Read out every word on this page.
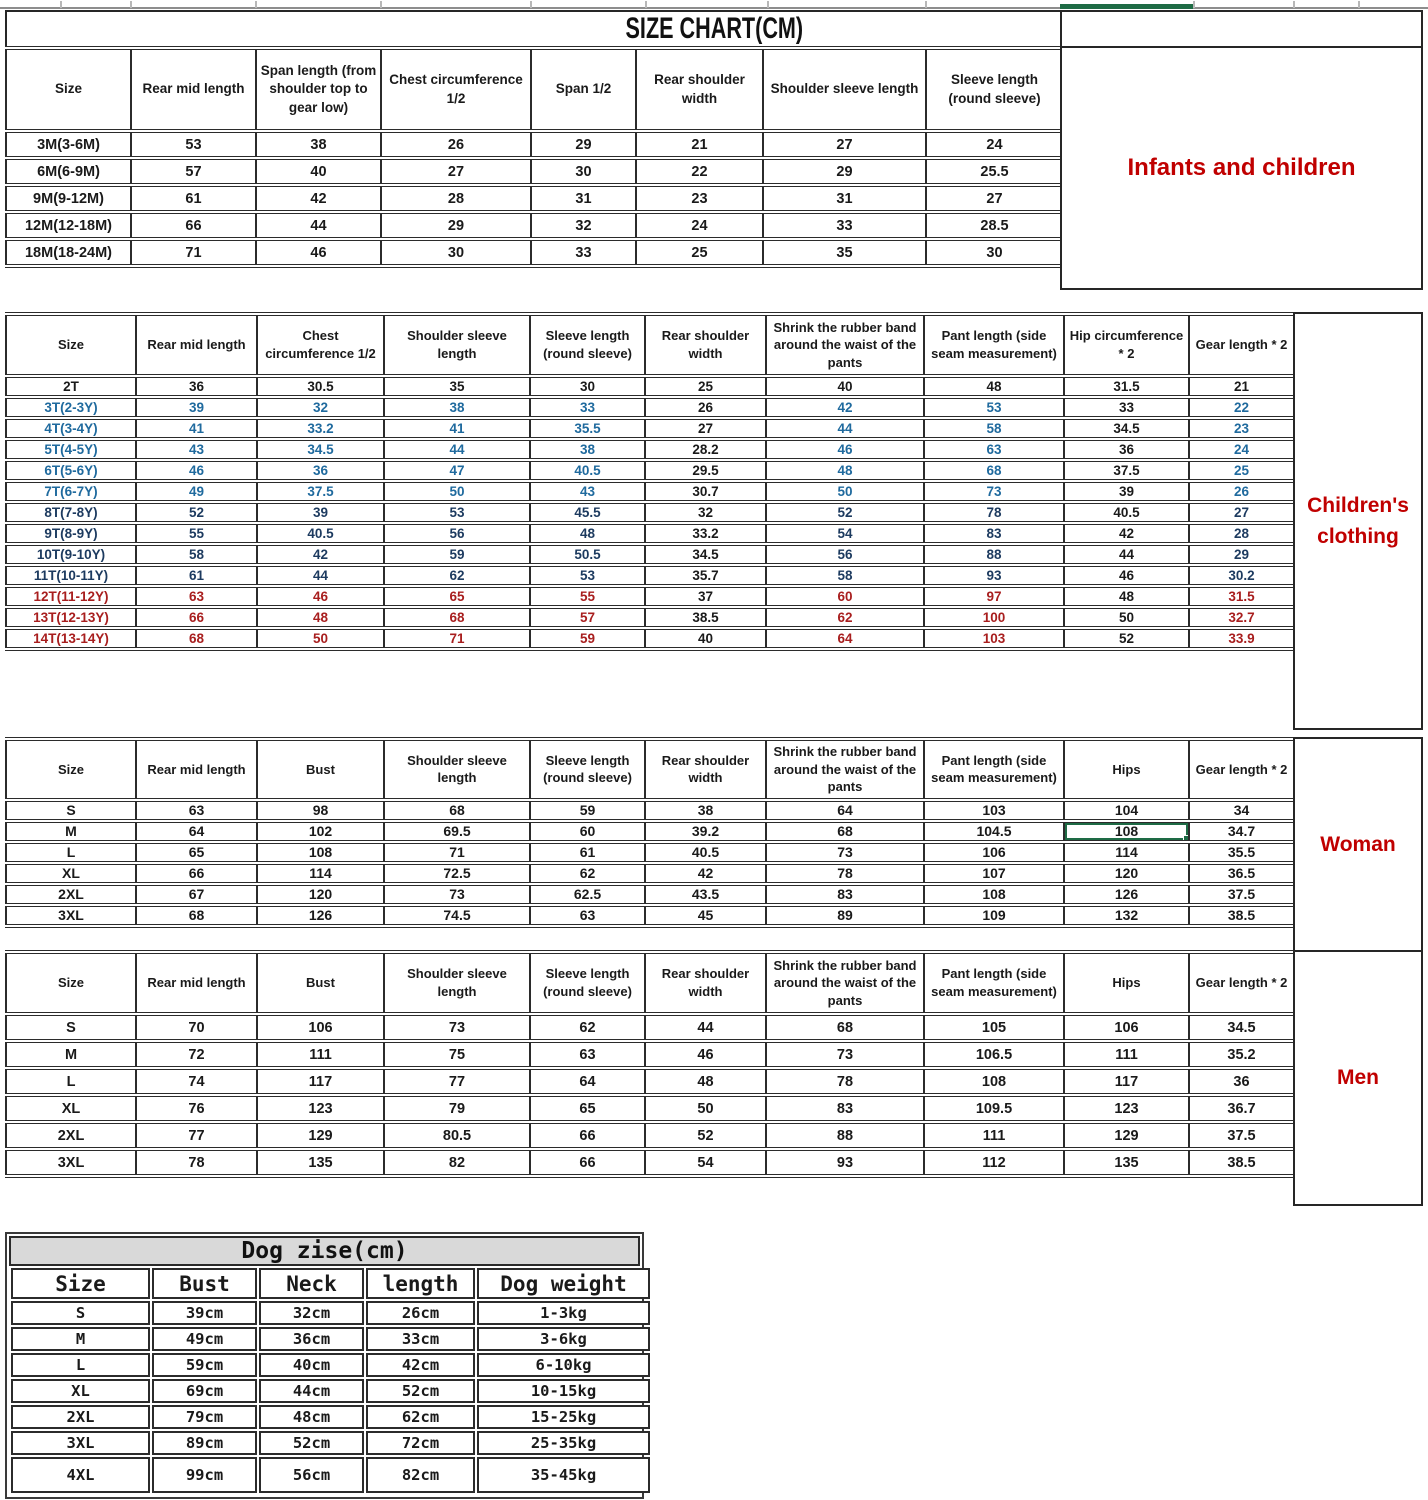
SIZE CHART(CM)
Size	Rear mid length	Span length (from shoulder top to gear low)	Chest circumference 1/2	Span 1/2	Rear shoulder width	Shoulder sleeve length	Sleeve length (round sleeve)
3M(3-6M)	53	38	26	29	21	27	24
6M(6-9M)	57	40	27	30	22	29	25.5
9M(9-12M)	61	42	28	31	23	31	27
12M(12-18M)	66	44	29	32	24	33	28.5
18M(18-24M)	71	46	30	33	25	35	30
Size	Rear mid length	Chest circumference 1/2	Shoulder sleeve length	Sleeve length (round sleeve)	Rear shoulder width	Shrink the rubber band around the waist of the pants	Pant length (side seam measurement)	Hip circumference * 2	Gear length * 2
2T	36	30.5	35	30	25	40	48	31.5	21
3T(2-3Y)	39	32	38	33	26	42	53	33	22
4T(3-4Y)	41	33.2	41	35.5	27	44	58	34.5	23
5T(4-5Y)	43	34.5	44	38	28.2	46	63	36	24
6T(5-6Y)	46	36	47	40.5	29.5	48	68	37.5	25
7T(6-7Y)	49	37.5	50	43	30.7	50	73	39	26
8T(7-8Y)	52	39	53	45.5	32	52	78	40.5	27
9T(8-9Y)	55	40.5	56	48	33.2	54	83	42	28
10T(9-10Y)	58	42	59	50.5	34.5	56	88	44	29
11T(10-11Y)	61	44	62	53	35.7	58	93	46	30.2
12T(11-12Y)	63	46	65	55	37	60	97	48	31.5
13T(12-13Y)	66	48	68	57	38.5	62	100	50	32.7
14T(13-14Y)	68	50	71	59	40	64	103	52	33.9
Size	Rear mid length	Bust	Shoulder sleeve length	Sleeve length (round sleeve)	Rear shoulder width	Shrink the rubber band around the waist of the pants	Pant length (side seam measurement)	Hips	Gear length * 2
S	63	98	68	59	38	64	103	104	34
M	64	102	69.5	60	39.2	68	104.5	108	34.7
L	65	108	71	61	40.5	73	106	114	35.5
XL	66	114	72.5	62	42	78	107	120	36.5
2XL	67	120	73	62.5	43.5	83	108	126	37.5
3XL	68	126	74.5	63	45	89	109	132	38.5
Size	Rear mid length	Bust	Shoulder sleeve length	Sleeve length (round sleeve)	Rear shoulder width	Shrink the rubber band around the waist of the pants	Pant length (side seam measurement)	Hips	Gear length * 2
S	70	106	73	62	44	68	105	106	34.5
M	72	111	75	63	46	73	106.5	111	35.2
L	74	117	77	64	48	78	108	117	36
XL	76	123	79	65	50	83	109.5	123	36.7
2XL	77	129	80.5	66	52	88	111	129	37.5
3XL	78	135	82	66	54	93	112	135	38.5
Infants and children
Children's clothing
Woman
Men
Dog zise(cm)
Size	Bust	Neck	length	Dog weight
S	39cm	32cm	26cm	1-3kg
M	49cm	36cm	33cm	3-6kg
L	59cm	40cm	42cm	6-10kg
XL	69cm	44cm	52cm	10-15kg
2XL	79cm	48cm	62cm	15-25kg
3XL	89cm	52cm	72cm	25-35kg
4XL	99cm	56cm	82cm	35-45kg
